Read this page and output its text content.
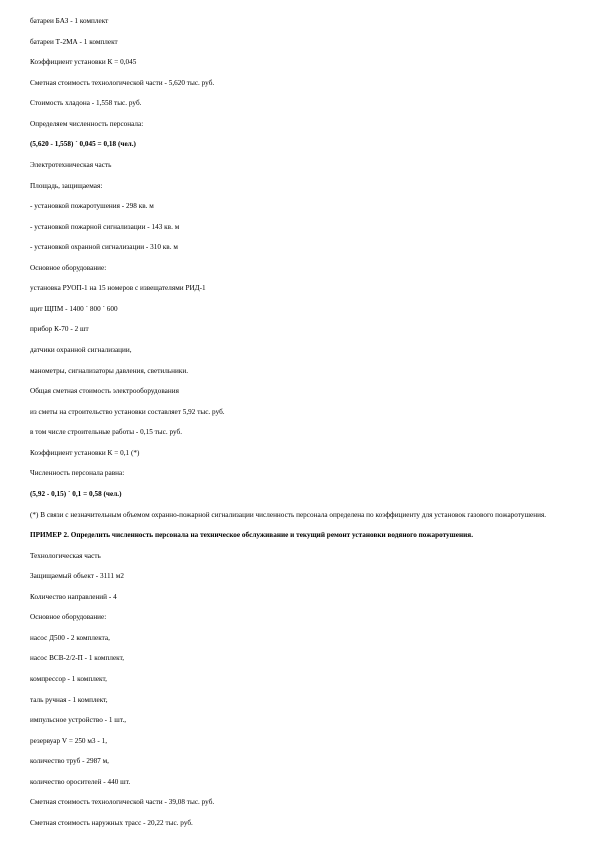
батареи БАЗ - 1 комплект
батареи Т-2МА - 1 комплект
Коэффициент установки К = 0,045
Сметная стоимость технологической части - 5,620 тыс. руб.
Стоимость хладона - 1,558 тыс. руб.
Определяем численность персонала:
(5,620 - 1,558) ´ 0,045 = 0,18 (чел.)
Электротехническая часть
Площадь, защищаемая:
- установкой пожаротушения - 298 кв. м
- установкой пожарной сигнализации - 143 кв. м
- установкой охранной сигнализации - 310 кв. м
Основное оборудование:
установка РУОП-1 на 15 номеров с извещателями РИД-1
щит ЩПМ - 1400 ´ 800 ´ 600
прибор К-70 - 2 шт
датчики охранной сигнализации,
манометры, сигнализаторы давления, светильники.
Общая сметная стоимость электрооборудования
из сметы на строительство установки составляет 5,92 тыс. руб.
в том числе строительные работы - 0,15 тыс. руб.
Коэффициент установки К = 0,1 (*)
Численность персонала равна:
(5,92 - 0,15) ´ 0,1 = 0,58 (чел.)
(*) В связи с незначительным объемом охранно-пожарной сигнализации численность персонала определена по коэффициенту для установок газового пожаротушения.
ПРИМЕР 2. Определить численность персонала на техническое обслуживание и текущий ремонт установки водяного пожаротушения.
Технологическая часть
Защищаемый объект - 3111 м2
Количество направлений - 4
Основное оборудование:
насос Д500 - 2 комплекта,
насос ВСВ-2/2-П - 1 комплект,
компрессор - 1 комплект,
таль ручная - 1 комплект,
импульсное устройство - 1 шт.,
резервуар V = 250 м3 - 1,
количество труб - 2987 м,
количество оросителей - 440 шт.
Сметная стоимость технологической части - 39,08 тыс. руб.
Сметная стоимость наружных трасс - 20,22 тыс. руб.
